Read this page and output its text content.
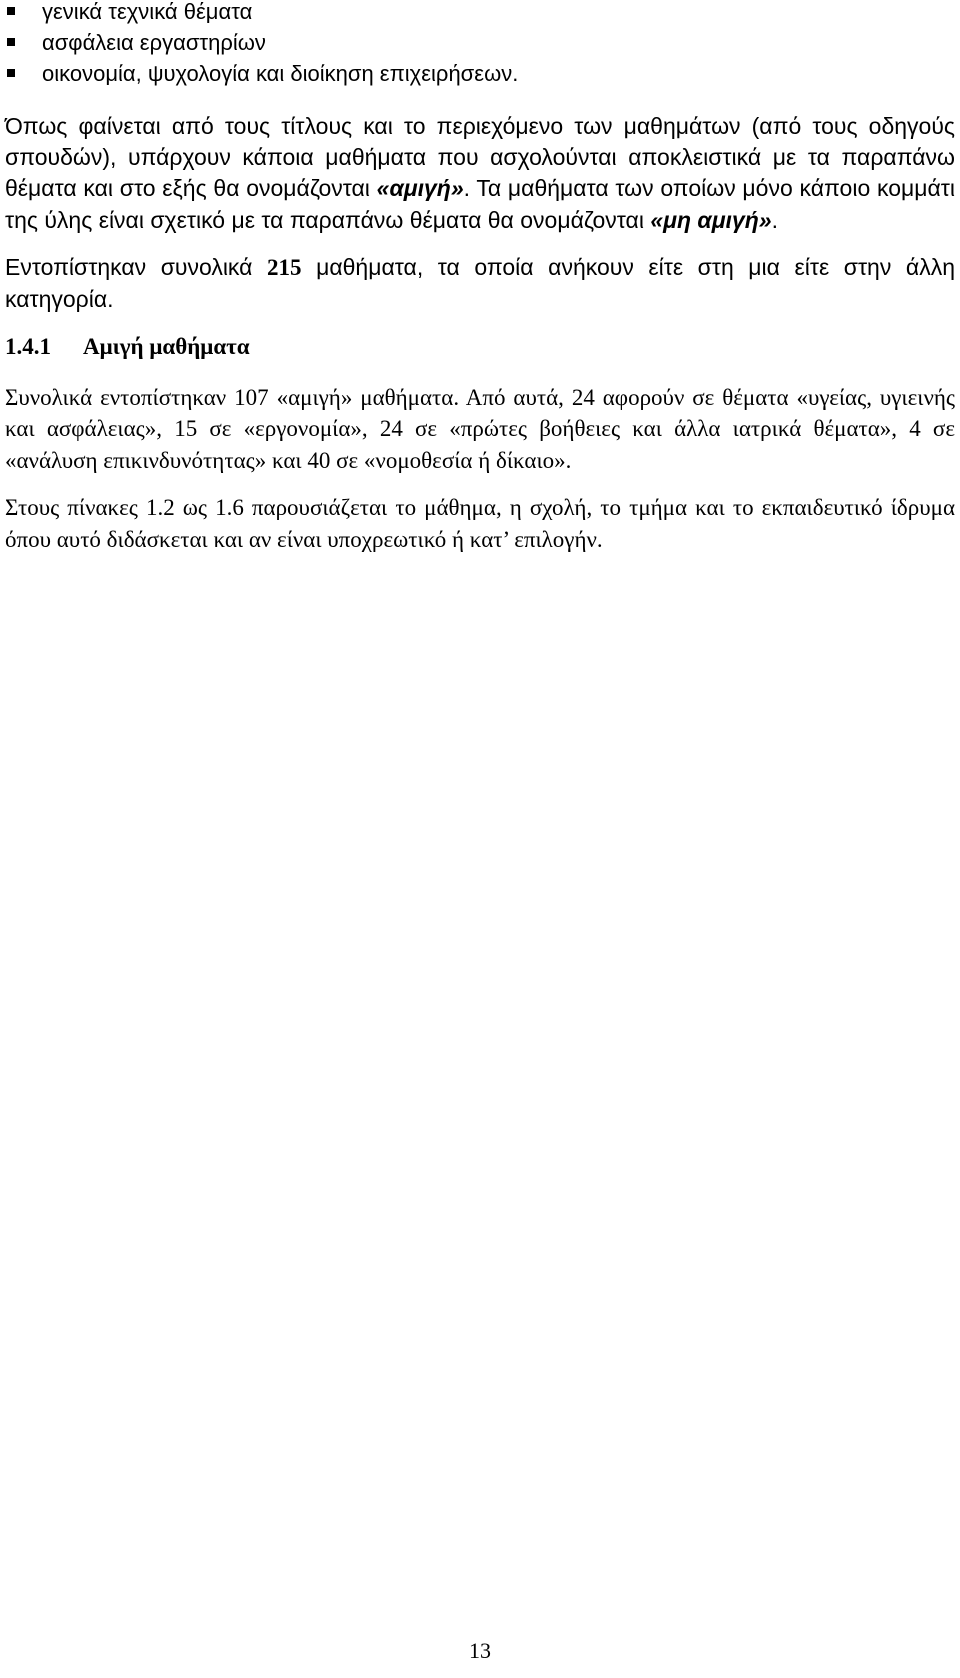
γενικά τεχνικά θέματα
ασφάλεια εργαστηρίων
οικονομία, ψυχολογία και διοίκηση επιχειρήσεων.

Όπως φαίνεται από τους τίτλους και το περιεχόμενο των μαθημάτων (από τους οδηγούς σπουδών), υπάρχουν κάποια μαθήματα που ασχολούνται αποκλειστικά με τα παραπάνω θέματα και στο εξής θα ονομάζονται «αμιγή». Τα μαθήματα των οποίων μόνο κάποιο κομμάτι της ύλης είναι σχετικό με τα παραπάνω θέματα θα ονομάζονται «μη αμιγή».

Εντοπίστηκαν συνολικά 215 μαθήματα, τα οποία ανήκουν είτε στη μια είτε στην άλλη κατηγορία.

1.4.1 Αμιγή μαθήματα

Συνολικά εντοπίστηκαν 107 «αμιγή» μαθήματα. Από αυτά, 24 αφορούν σε θέματα «υγείας, υγιεινής και ασφάλειας», 15 σε «εργονομία», 24 σε «πρώτες βοήθειες και άλλα ιατρικά θέματα», 4 σε «ανάλυση επικινδυνότητας» και 40 σε «νομοθεσία ή δίκαιο».

Στους πίνακες 1.2 ως 1.6 παρουσιάζεται το μάθημα, η σχολή, το τμήμα και το εκπαιδευτικό ίδρυμα όπου αυτό διδάσκεται και αν είναι υποχρεωτικό ή κατ’ επιλογήν.

13
